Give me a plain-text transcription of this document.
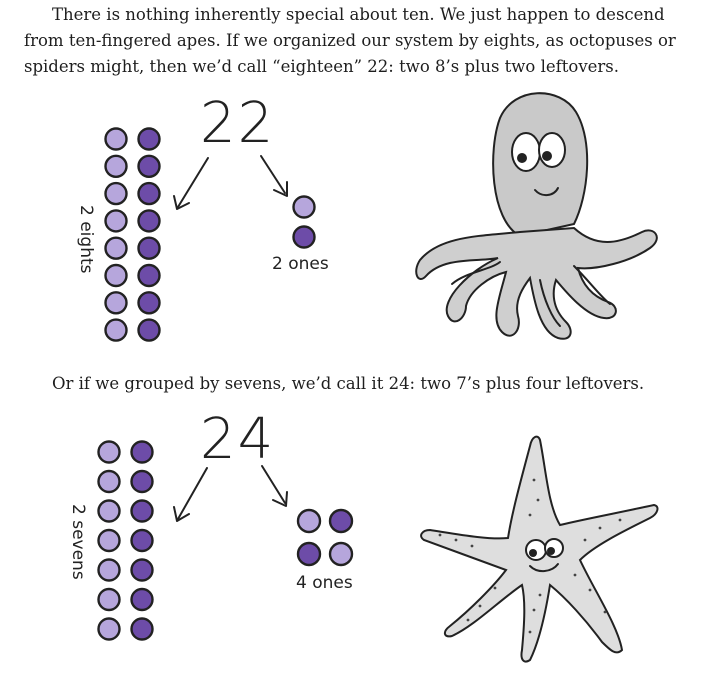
There is nothing inherently special about ten. We just happen to descend from ten-fingered apes. If we organized our system by eights, as octopuses or spiders might, then we’d call “eighteen” 22: two 8’s plus two leftovers.

Or if we grouped by sevens, we’d call it 24: two 7’s plus four leftovers.

22
2 eights	2 ones
24
2 sevens
4 ones
